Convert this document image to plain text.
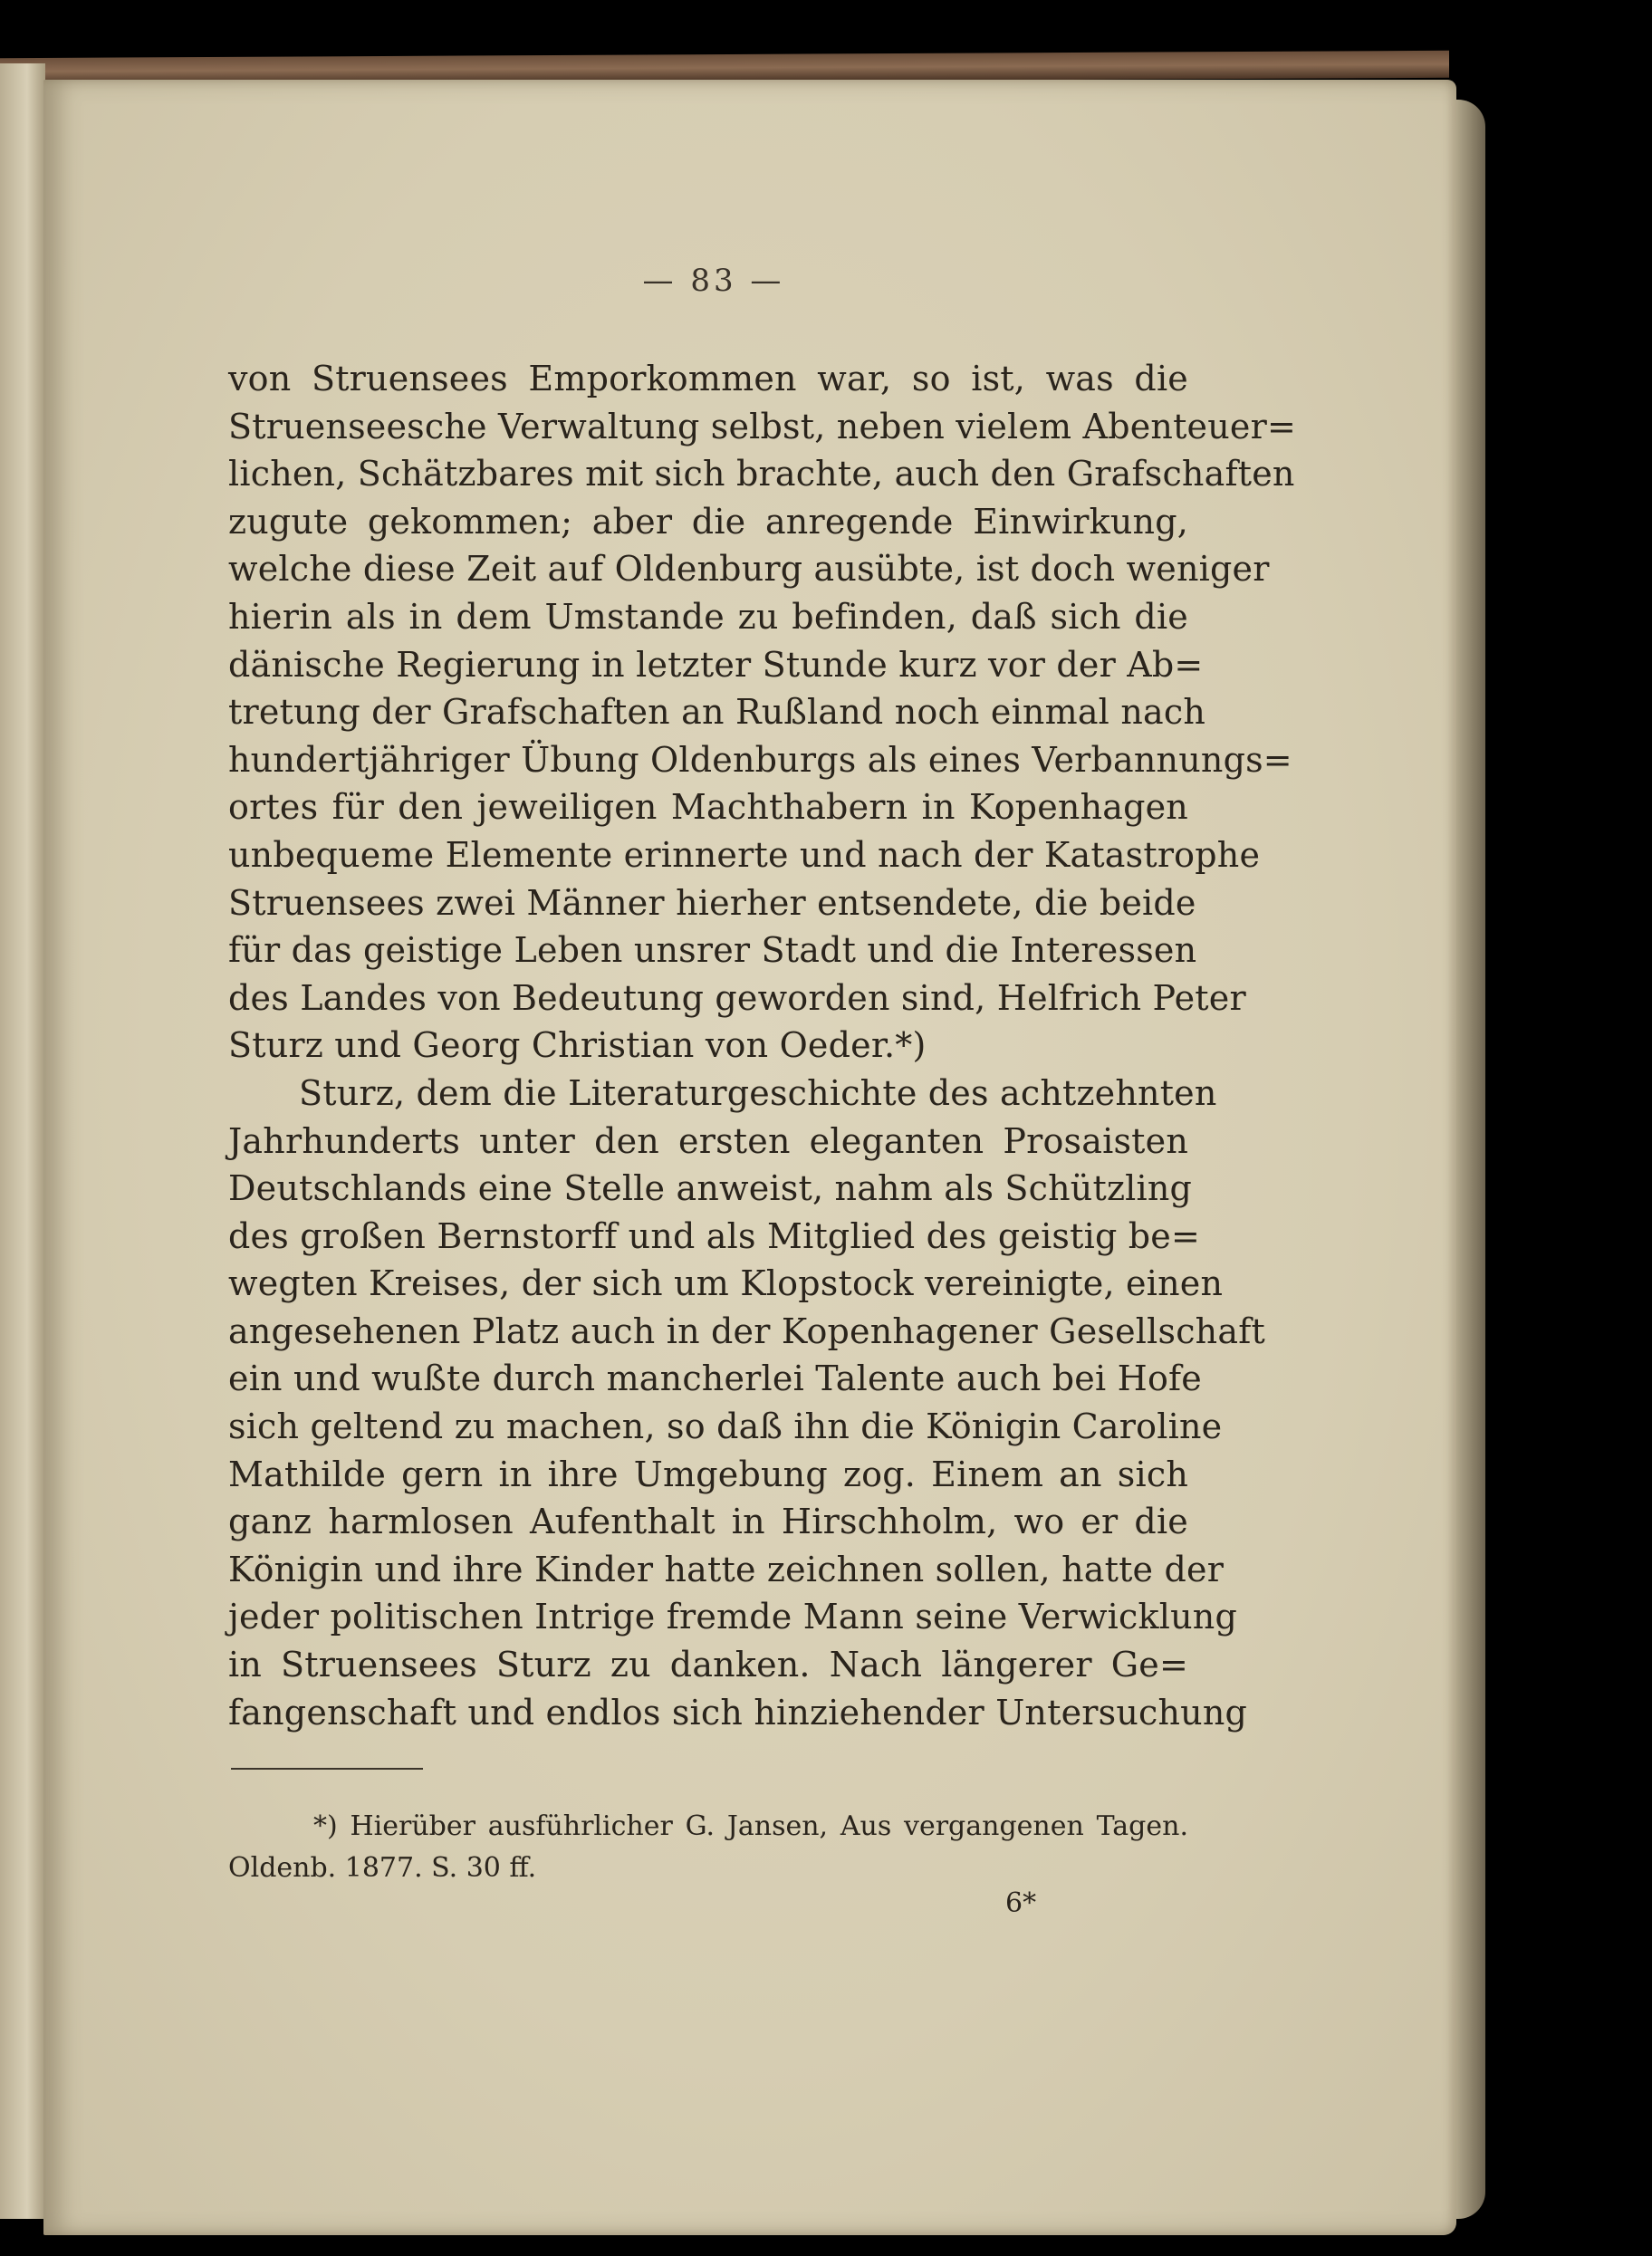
— 83 —
von Struensees Emporkommen war, so ist, was die
Struenseesche Verwaltung selbst, neben vielem Abenteuer=
lichen, Schätzbares mit sich brachte, auch den Grafschaften
zugute gekommen; aber die anregende Einwirkung,
welche diese Zeit auf Oldenburg ausübte, ist doch weniger
hierin als in dem Umstande zu befinden, daß sich die
dänische Regierung in letzter Stunde kurz vor der Ab=
tretung der Grafschaften an Rußland noch einmal nach
hundertjähriger Übung Oldenburgs als eines Verbannungs=
ortes für den jeweiligen Machthabern in Kopenhagen
unbequeme Elemente erinnerte und nach der Katastrophe
Struensees zwei Männer hierher entsendete, die beide
für das geistige Leben unsrer Stadt und die Interessen
des Landes von Bedeutung geworden sind, Helfrich Peter
Sturz und Georg Christian von Oeder.*)
Sturz, dem die Literaturgeschichte des achtzehnten
Jahrhunderts unter den ersten eleganten Prosaisten
Deutschlands eine Stelle anweist, nahm als Schützling
des großen Bernstorff und als Mitglied des geistig be=
wegten Kreises, der sich um Klopstock vereinigte, einen
angesehenen Platz auch in der Kopenhagener Gesellschaft
ein und wußte durch mancherlei Talente auch bei Hofe
sich geltend zu machen, so daß ihn die Königin Caroline
Mathilde gern in ihre Umgebung zog. Einem an sich
ganz harmlosen Aufenthalt in Hirschholm, wo er die
Königin und ihre Kinder hatte zeichnen sollen, hatte der
jeder politischen Intrige fremde Mann seine Verwicklung
in Struensees Sturz zu danken. Nach längerer Ge=
fangenschaft und endlos sich hinziehender Untersuchung
*) Hierüber ausführlicher G. Jansen, Aus vergangenen Tagen.
Oldenb. 1877. S. 30 ff.
6*
